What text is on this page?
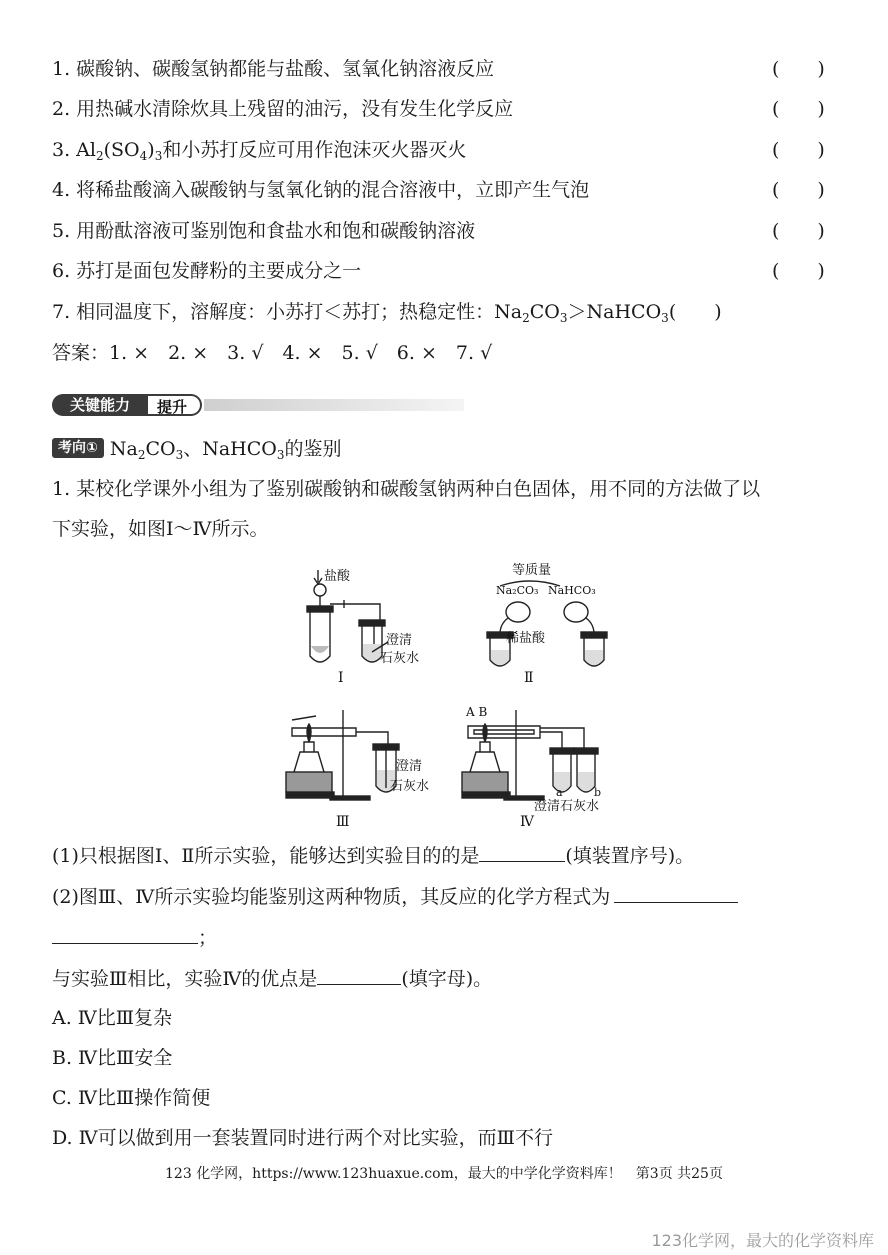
1. 碳酸钠、碳酸氢钠都能与盐酸、氢氧化钠溶液反应	(　　)
2. 用热碱水清除炊具上残留的油污，没有发生化学反应	(　　)
3. $Al_2(SO_4)_3$和小苏打反应可用作泡沫灭火器灭火	(　　)
4. 将稀盐酸滴入碳酸钠与氢氧化钠的混合溶液中，立即产生气泡	(　　)
5. 用酚酞溶液可鉴别饱和食盐水和饱和碳酸钠溶液	(　　)
6. 苏打是面包发酵粉的主要成分之一	(　　)
7. 相同温度下，溶解度：小苏打＜苏打；热稳定性：$Na_2CO_3>NaHCO_3$(　　)
答案：1. ×　2. ×　3. √　4. ×　5. √　6. ×　7. √
提升
关键能力
考向① $Na_2CO_3$、NaHCO$_3$的鉴别
1. 某校化学课外小组为了鉴别碳酸钠和碳酸氢钠两种白色固体，用不同的方法做了以
下实验，如图Ⅰ～Ⅳ所示。
盐酸
澄清
石灰水
Ⅰ
等质量
Na₂CO₃ NaHCO₃
稀盐酸
Ⅱ
澄清
石灰水
Ⅲ
A B
a	b
澄清石灰水
Ⅳ
(1)只根据图Ⅰ、Ⅱ所示实验，能够达到实验目的的是	(填装置序号)。
(2)图Ⅲ、Ⅳ所示实验均能鉴别这两种物质，其反应的化学方程式为
；
与实验Ⅲ相比，实验Ⅳ的优点是	(填字母)。
A. Ⅳ比Ⅲ复杂
B. Ⅳ比Ⅲ安全
C. Ⅳ比Ⅲ操作简便
D. Ⅳ可以做到用一套装置同时进行两个对比实验，而Ⅲ不行
123 化学网，https://www.123huaxue.com，最大的中学化学资料库！　第3页 共25页
123化学网，最大的化学资料库
